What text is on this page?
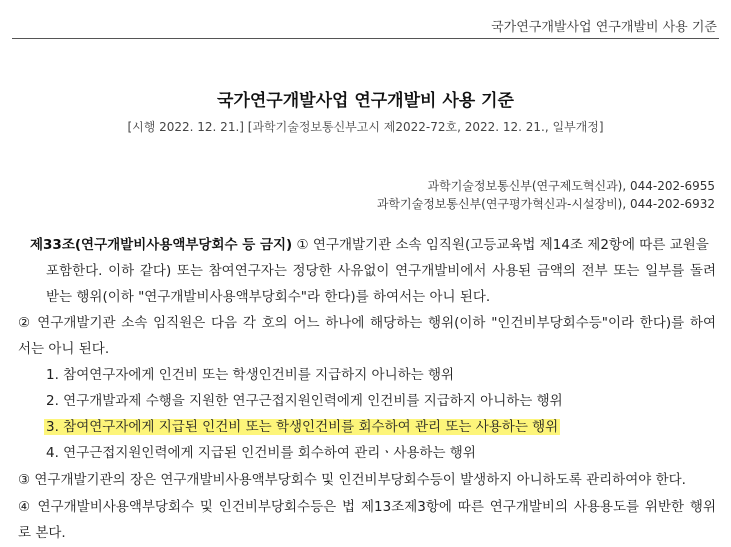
국가연구개발사업 연구개발비 사용 기준
국가연구개발사업 연구개발비 사용 기준
[시행 2022. 12. 21.] [과학기술정보통신부고시 제2022-72호, 2022. 12. 21., 일부개정]
과학기술정보통신부(연구제도혁신과), 044-202-6955
과학기술정보통신부(연구평가혁신과-시설장비), 044-202-6932
제33조(연구개발비사용액부당회수 등 금지) ① 연구개발기관 소속 임직원(고등교육법 제14조 제2항에 따른 교원을
포함한다. 이하 같다) 또는 참여연구자는 정당한 사유없이 연구개발비에서 사용된 금액의 전부 또는 일부를 돌려
받는 행위(이하 "연구개발비사용액부당회수"라 한다)를 하여서는 아니 된다.
② 연구개발기관 소속 임직원은 다음 각 호의 어느 하나에 해당하는 행위(이하 "인건비부당회수등"이라 한다)를 하여
서는 아니 된다.
1. 참여연구자에게 인건비 또는 학생인건비를 지급하지 아니하는 행위
2. 연구개발과제 수행을 지원한 연구근접지원인력에게 인건비를 지급하지 아니하는 행위
3. 참여연구자에게 지급된 인건비 또는 학생인건비를 회수하여 관리 또는 사용하는 행위
4. 연구근접지원인력에게 지급된 인건비를 회수하여 관리ㆍ사용하는 행위
③ 연구개발기관의 장은 연구개발비사용액부당회수 및 인건비부당회수등이 발생하지 아니하도록 관리하여야 한다.
④ 연구개발비사용액부당회수 및 인건비부당회수등은 법 제13조제3항에 따른 연구개발비의 사용용도를 위반한 행위
로 본다.
